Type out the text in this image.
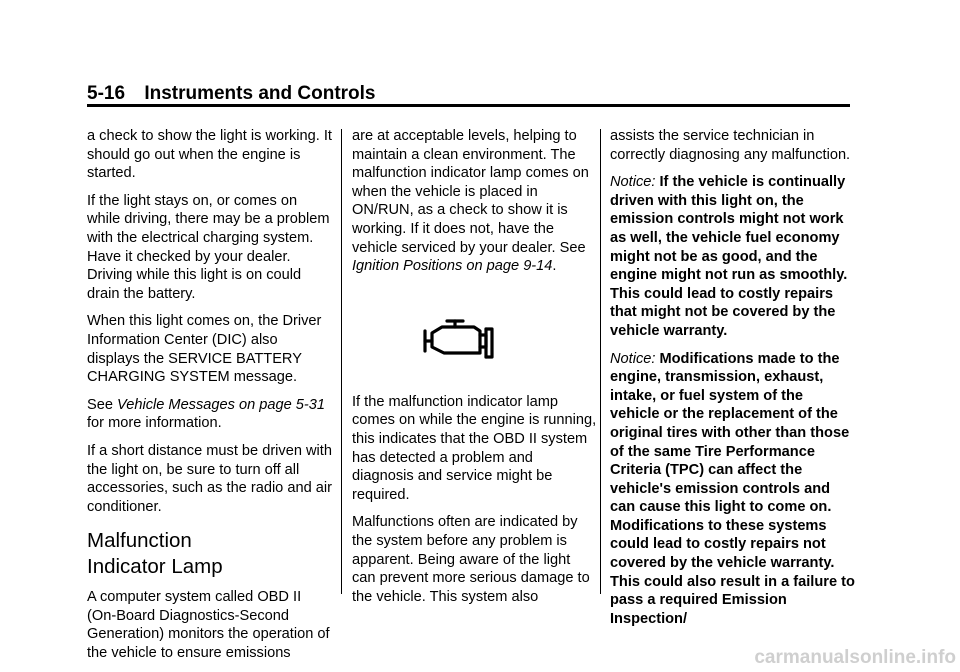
5-16 Instruments and Controls

a check to show the light is working. It should go out when the engine is started.

If the light stays on, or comes on while driving, there may be a problem with the electrical charging system. Have it checked by your dealer. Driving while this light is on could drain the battery.

When this light comes on, the Driver Information Center (DIC) also displays the SERVICE BATTERY CHARGING SYSTEM message.

See Vehicle Messages on page 5-31 for more information.

If a short distance must be driven with the light on, be sure to turn off all accessories, such as the radio and air conditioner.

Malfunction
Indicator Lamp

A computer system called OBD II (On-Board Diagnostics-Second Generation) monitors the operation of the vehicle to ensure emissions

are at acceptable levels, helping to maintain a clean environment. The malfunction indicator lamp comes on when the vehicle is placed in ON/RUN, as a check to show it is working. If it does not, have the vehicle serviced by your dealer. See Ignition Positions on page 9-14.

If the malfunction indicator lamp comes on while the engine is running, this indicates that the OBD II system has detected a problem and diagnosis and service might be required.

Malfunctions often are indicated by the system before any problem is apparent. Being aware of the light can prevent more serious damage to the vehicle. This system also

assists the service technician in correctly diagnosing any malfunction.

Notice: If the vehicle is continually driven with this light on, the emission controls might not work as well, the vehicle fuel economy might not be as good, and the engine might not run as smoothly. This could lead to costly repairs that might not be covered by the vehicle warranty.

Notice: Modifications made to the engine, transmission, exhaust, intake, or fuel system of the vehicle or the replacement of the original tires with other than those of the same Tire Performance Criteria (TPC) can affect the vehicle's emission controls and can cause this light to come on. Modifications to these systems could lead to costly repairs not covered by the vehicle warranty. This could also result in a failure to pass a required Emission Inspection/

carmanualsonline.info
